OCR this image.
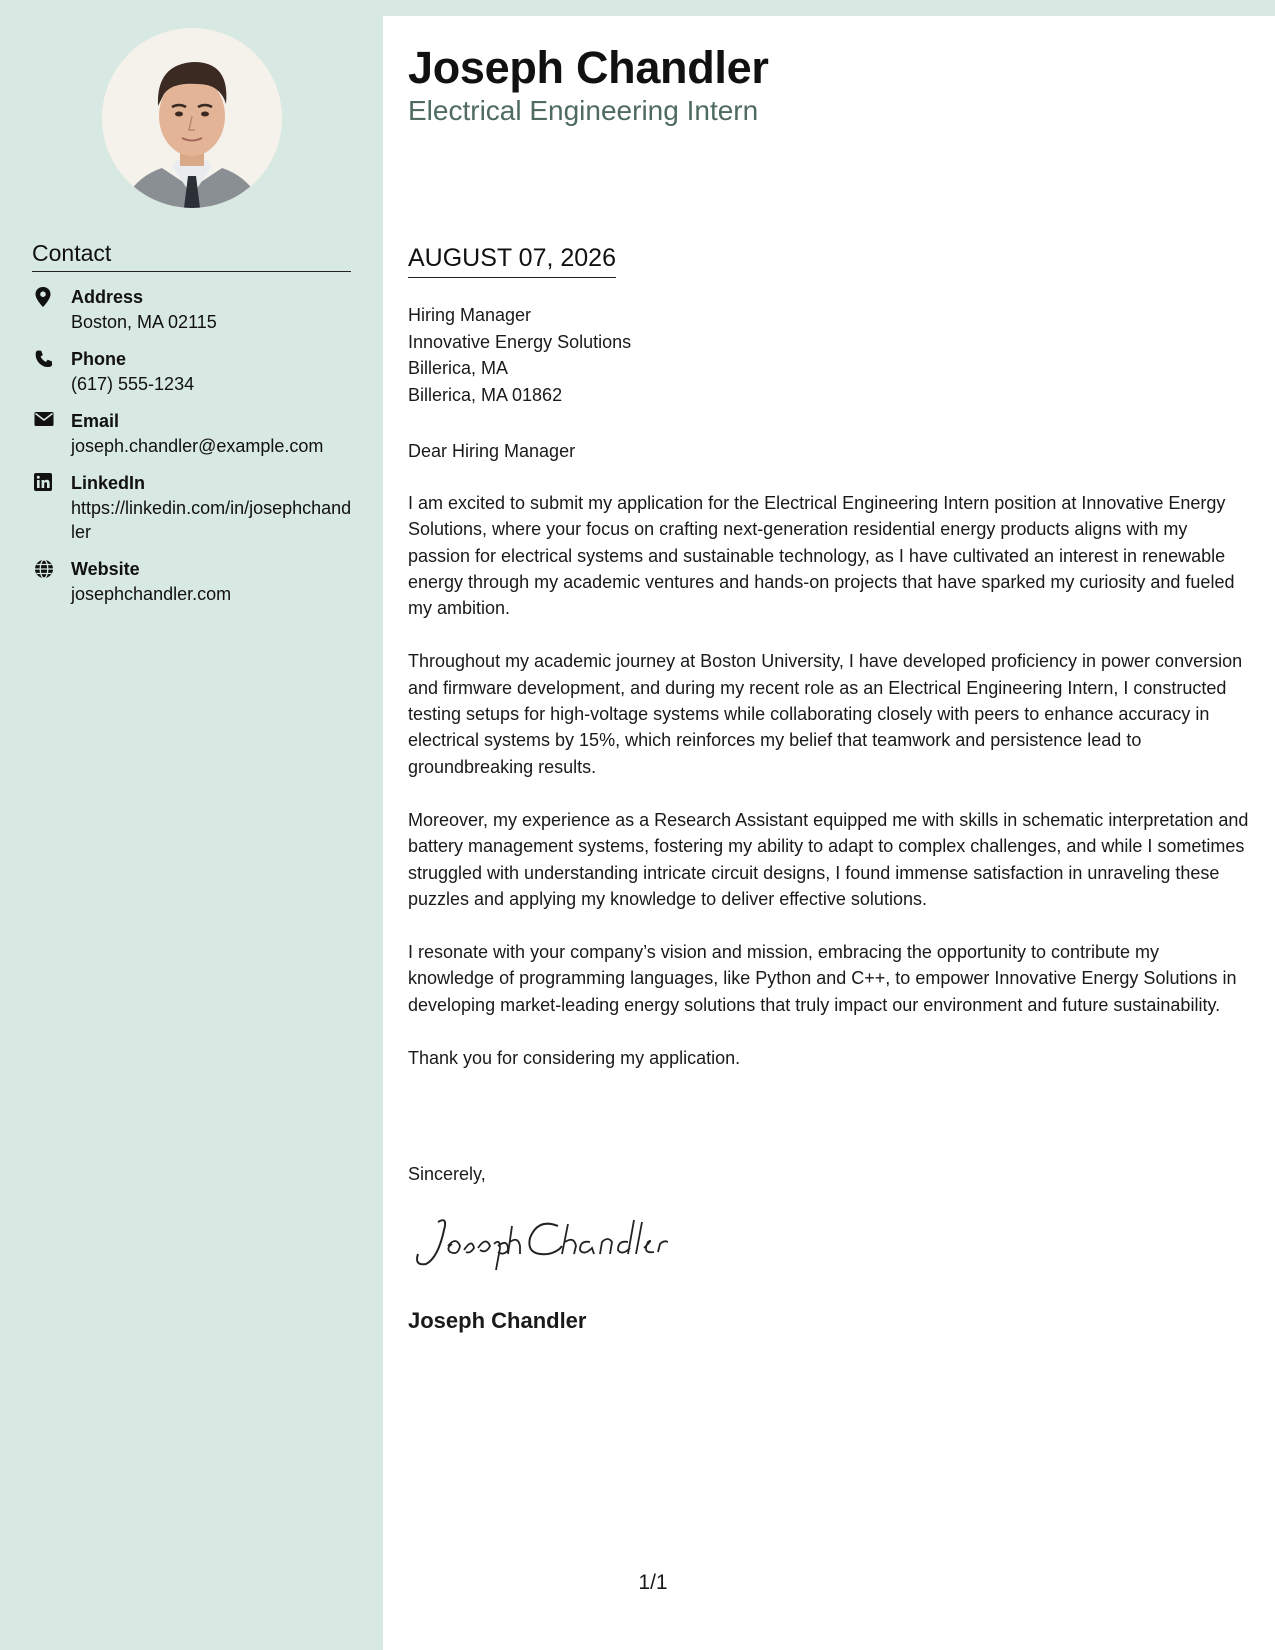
Contact
Address
Boston, MA 02115
Phone
(617) 555-1234
Email
joseph.chandler@example.com
LinkedIn
https://linkedin.com/in/josephchandler
Website
josephchandler.com
Joseph Chandler
Electrical Engineering Intern
AUGUST 07, 2026
Hiring Manager
Innovative Energy Solutions
Billerica, MA
Billerica, MA 01862
Dear Hiring Manager

I am excited to submit my application for the Electrical Engineering Intern position at Innovative Energy Solutions, where your focus on crafting next-generation residential energy products aligns with my passion for electrical systems and sustainable technology, as I have cultivated an interest in renewable energy through my academic ventures and hands-on projects that have sparked my curiosity and fueled my ambition.

Throughout my academic journey at Boston University, I have developed proficiency in power conversion and firmware development, and during my recent role as an Electrical Engineering Intern, I constructed testing setups for high-voltage systems while collaborating closely with peers to enhance accuracy in electrical systems by 15%, which reinforces my belief that teamwork and persistence lead to groundbreaking results.

Moreover, my experience as a Research Assistant equipped me with skills in schematic interpretation and battery management systems, fostering my ability to adapt to complex challenges, and while I sometimes struggled with understanding intricate circuit designs, I found immense satisfaction in unraveling these puzzles and applying my knowledge to deliver effective solutions.

I resonate with your company’s vision and mission, embracing the opportunity to contribute my knowledge of programming languages, like Python and C++, to empower Innovative Energy Solutions in developing market-leading energy solutions that truly impact our environment and future sustainability.

Thank you for considering my application.

Sincerely,
Joseph Chandler
1/1
